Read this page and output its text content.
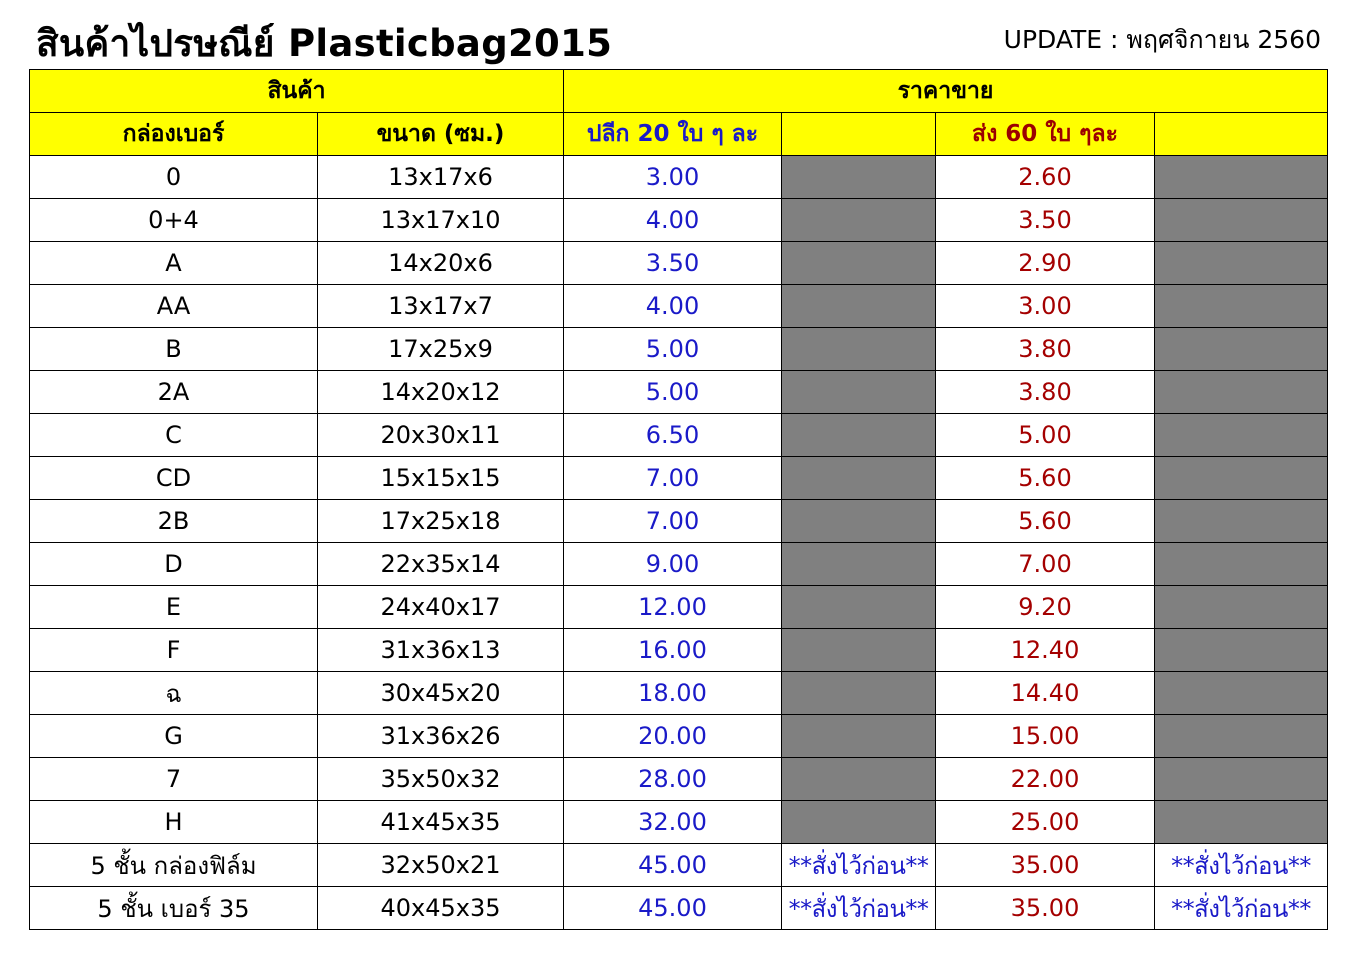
สินค้าไปรษณีย์ Plasticbag2015	UPDATE : พฤศจิกายน 2560
สินค้า		ราคาขาย			
กล่องเบอร์	ขนาด (ซม.)	ปลีก 20 ใบ ๆ ละ		ส่ง 60 ใบ ๆละ	
0	13x17x6	3.00		2.60	
0+4	13x17x10	4.00		3.50	
A	14x20x6	3.50		2.90	
AA	13x17x7	4.00		3.00	
B	17x25x9	5.00		3.80	
2A	14x20x12	5.00		3.80	
C	20x30x11	6.50		5.00	
CD	15x15x15	7.00		5.60	
2B	17x25x18	7.00		5.60	
D	22x35x14	9.00		7.00	
E	24x40x17	12.00		9.20	
F	31x36x13	16.00		12.40	
ฉ	30x45x20	18.00		14.40	
G	31x36x26	20.00		15.00	
7	35x50x32	28.00		22.00	
H	41x45x35	32.00		25.00	
5 ชั้น กล่องฟิล์ม	32x50x21	45.00	**สั่งไว้ก่อน**	35.00	**สั่งไว้ก่อน**
5 ชั้น เบอร์ 35	40x45x35	45.00	**สั่งไว้ก่อน**	35.00	**สั่งไว้ก่อน**
